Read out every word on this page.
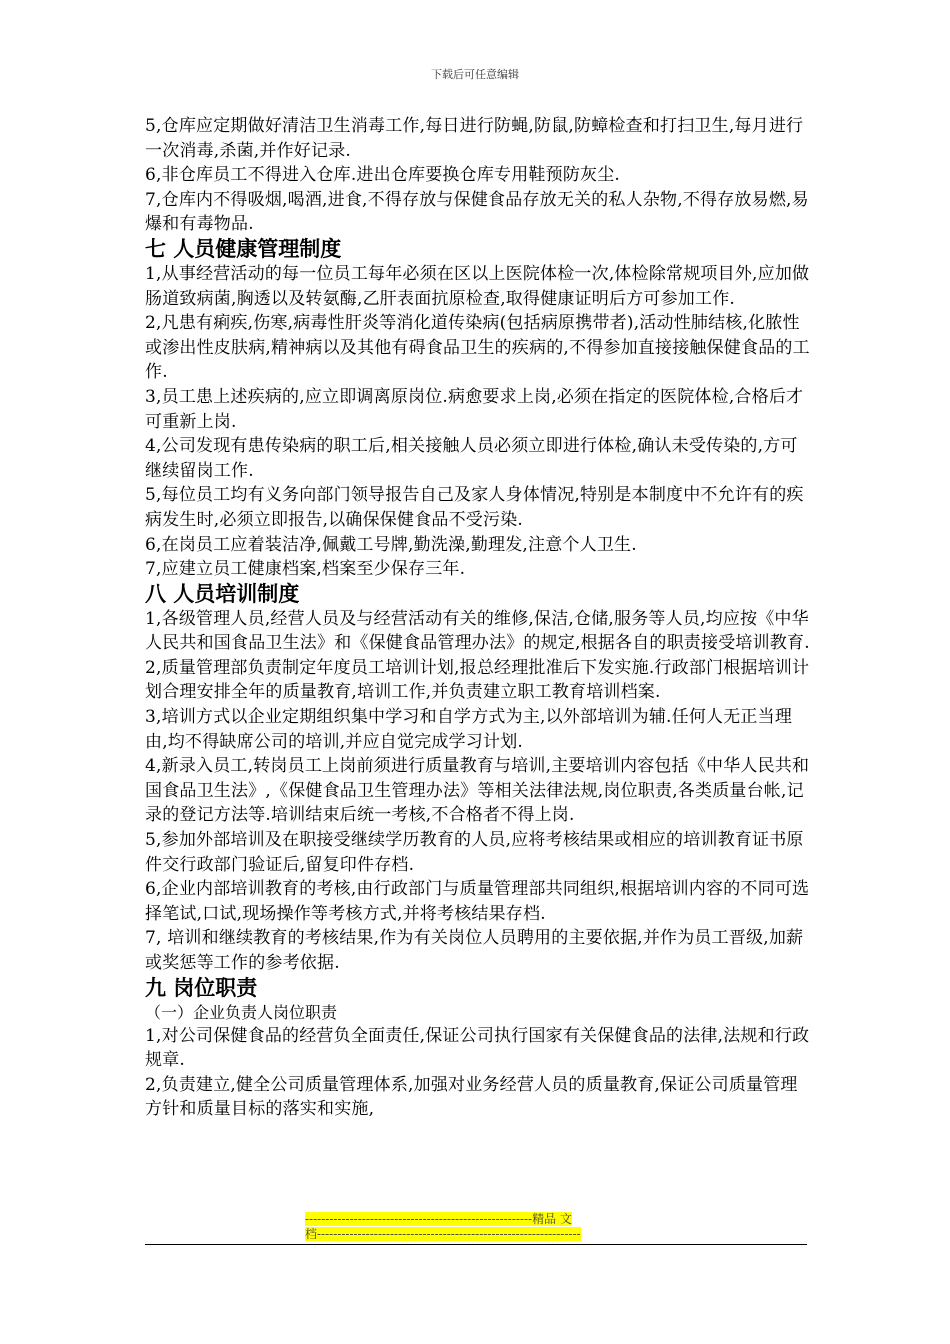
下载后可任意编辑

5,仓库应定期做好清洁卫生消毒工作,每日进行防蝇,防鼠,防蟑检查和打扫卫生,每月进行一次消毒,杀菌,并作好记录.

6,非仓库员工不得进入仓库.进出仓库要换仓库专用鞋预防灰尘.

7,仓库内不得吸烟,喝酒,进食,不得存放与保健食品存放无关的私人杂物,不得存放易燃,易爆和有毒物品.

七 人员健康管理制度

1,从事经营活动的每一位员工每年必须在区以上医院体检一次,体检除常规项目外,应加做肠道致病菌,胸透以及转氨酶,乙肝表面抗原检查,取得健康证明后方可参加工作.

2,凡患有痢疾,伤寒,病毒性肝炎等消化道传染病(包括病原携带者),活动性肺结核,化脓性或渗出性皮肤病,精神病以及其他有碍食品卫生的疾病的,不得参加直接接触保健食品的工作.

3,员工患上述疾病的,应立即调离原岗位.病愈要求上岗,必须在指定的医院体检,合格后才可重新上岗.

4,公司发现有患传染病的职工后,相关接触人员必须立即进行体检,确认未受传染的,方可继续留岗工作.

5,每位员工均有义务向部门领导报告自己及家人身体情况,特别是本制度中不允许有的疾病发生时,必须立即报告,以确保保健食品不受污染.

6,在岗员工应着装洁净,佩戴工号牌,勤洗澡,勤理发,注意个人卫生.

7,应建立员工健康档案,档案至少保存三年.

八 人员培训制度

1,各级管理人员,经营人员及与经营活动有关的维修,保洁,仓储,服务等人员,均应按《中华人民共和国食品卫生法》和《保健食品管理办法》的规定,根据各自的职责接受培训教育.

2,质量管理部负责制定年度员工培训计划,报总经理批准后下发实施.行政部门根据培训计划合理安排全年的质量教育,培训工作,并负责建立职工教育培训档案.

3,培训方式以企业定期组织集中学习和自学方式为主,以外部培训为辅.任何人无正当理由,均不得缺席公司的培训,并应自觉完成学习计划.

4,新录入员工,转岗员工上岗前须进行质量教育与培训,主要培训内容包括《中华人民共和国食品卫生法》,《保健食品卫生管理办法》等相关法律法规,岗位职责,各类质量台帐,记录的登记方法等.培训结束后统一考核,不合格者不得上岗.

5,参加外部培训及在职接受继续学历教育的人员,应将考核结果或相应的培训教育证书原件交行政部门验证后,留复印件存档.

6,企业内部培训教育的考核,由行政部门与质量管理部共同组织,根据培训内容的不同可选择笔试,口试,现场操作等考核方式,并将考核结果存档.

7, 培训和继续教育的考核结果,作为有关岗位人员聘用的主要依据,并作为员工晋级,加薪或奖惩等工作的参考依据.

九 岗位职责

（一）企业负责人岗位职责

1,对公司保健食品的经营负全面责任,保证公司执行国家有关保健食品的法律,法规和行政规章.

2,负责建立,健全公司质量管理体系,加强对业务经营人员的质量教育,保证公司质量管理方针和质量目标的落实和实施,

--------------------------------------------------------精品 文
档-----------------------------------------------------------------
